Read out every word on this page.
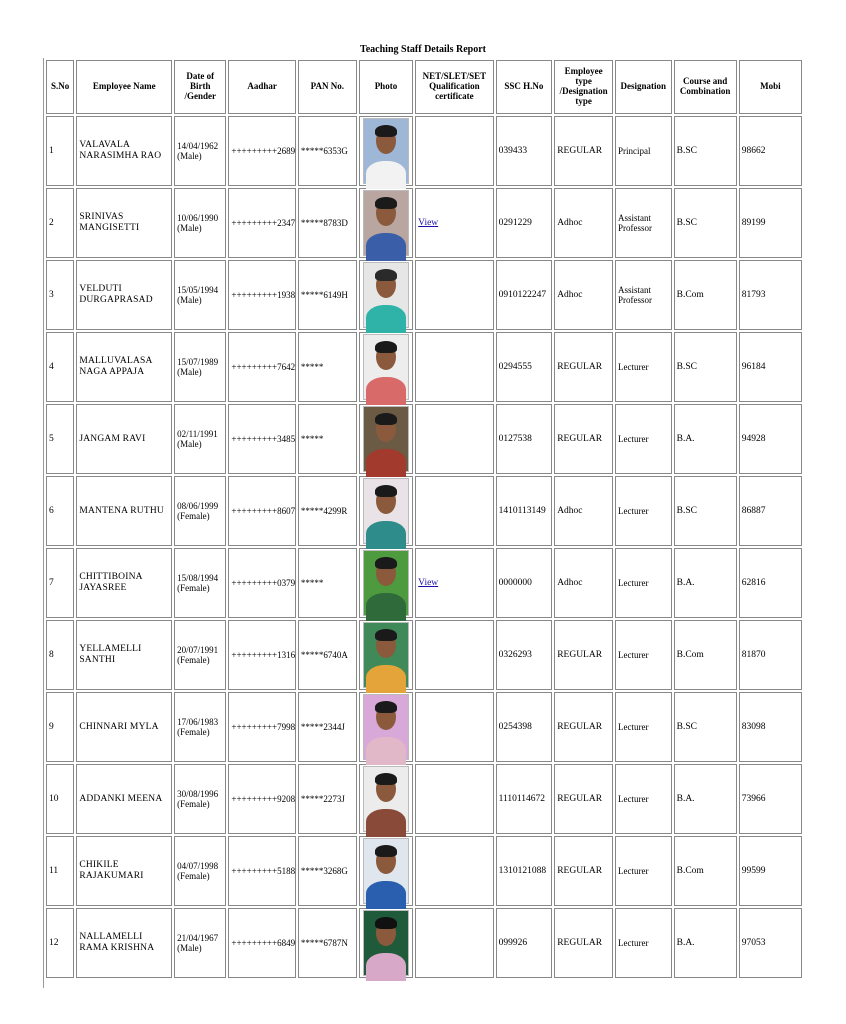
Teaching Staff Details Report
S.No	Employee Name	Date of Birth /Gender	Aadhar	PAN No.	Photo	NET/SLET/SET Qualification certificate	SSC H.No	Employee type /Designation type	Designation	Course and Combination	Mobi
1	VALAVALA NARASIMHA RAO	14/04/1962 (Male)	+++++++++2689	*****6353G			039433	REGULAR	Principal	B.SC	98662
2	SRINIVAS MANGISETTI	10/06/1990 (Male)	+++++++++2347	*****8783D		View	0291229	Adhoc	Assistant Professor	B.SC	89199
3	VELDUTI DURGAPRASAD	15/05/1994 (Male)	+++++++++1938	*****6149H			0910122247	Adhoc	Assistant Professor	B.Com	81793
4	MALLUVALASA NAGA APPAJA	15/07/1989 (Male)	+++++++++7642	*****			0294555	REGULAR	Lecturer	B.SC	96184
5	JANGAM RAVI	02/11/1991 (Male)	+++++++++3485	*****			0127538	REGULAR	Lecturer	B.A.	94928
6	MANTENA RUTHU	08/06/1999 (Female)	+++++++++8607	*****4299R			1410113149	Adhoc	Lecturer	B.SC	86887
7	CHITTIBOINA JAYASREE	15/08/1994 (Female)	+++++++++0379	*****		View	0000000	Adhoc	Lecturer	B.A.	62816
8	YELLAMELLI SANTHI	20/07/1991 (Female)	+++++++++1316	*****6740A			0326293	REGULAR	Lecturer	B.Com	81870
9	CHINNARI MYLA	17/06/1983 (Female)	+++++++++7998	*****2344J			0254398	REGULAR	Lecturer	B.SC	83098
10	ADDANKI MEENA	30/08/1996 (Female)	+++++++++9208	*****2273J			1110114672	REGULAR	Lecturer	B.A.	73966
11	CHIKILE RAJAKUMARI	04/07/1998 (Female)	+++++++++5188	*****3268G			1310121088	REGULAR	Lecturer	B.Com	99599
12	NALLAMELLI RAMA KRISHNA	21/04/1967 (Male)	+++++++++6849	*****6787N			099926	REGULAR	Lecturer	B.A.	97053
